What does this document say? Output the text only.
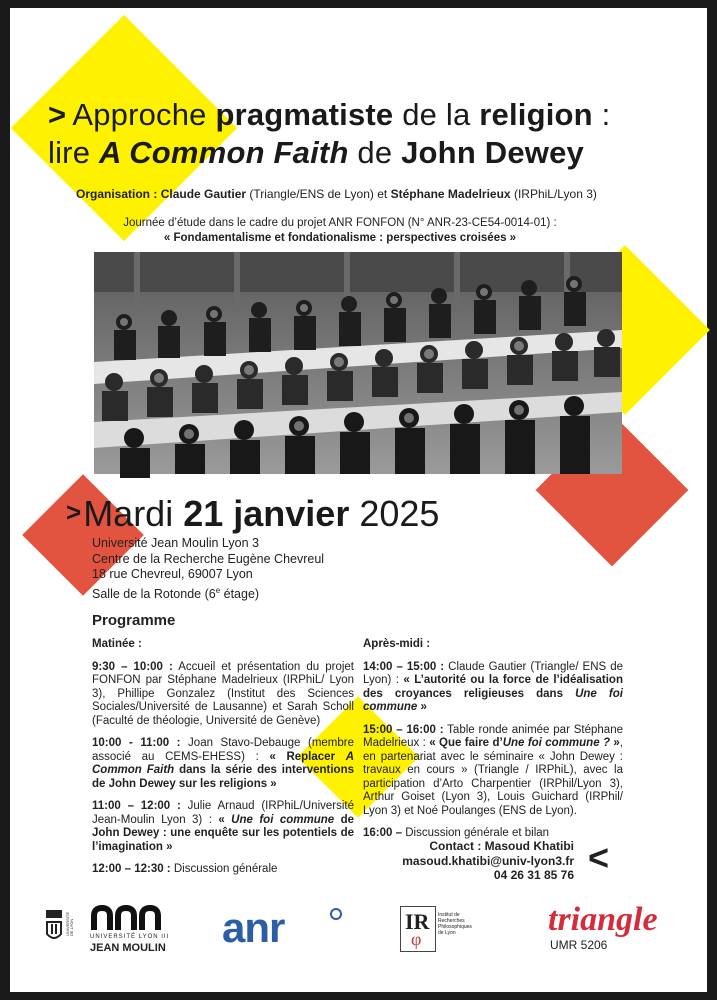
> Approche pragmatiste de la religion :
lire A Common Faith de John Dewey
Organisation : Claude Gautier (Triangle/ENS de Lyon) et Stéphane Madelrieux (IRPhiL/Lyon 3)
Journée d’étude dans le cadre du projet ANR FONFON (N° ANR-23-CE54-0014-01) :
« Fondamentalisme et fondationalisme : perspectives croisées »
>Mardi 21 janvier 2025
Université Jean Moulin Lyon 3
Centre de la Recherche Eugène Chevreul
18 rue Chevreul, 69007 Lyon
Salle de la Rotonde (6e étage)
Programme
Matinée :
9:30 – 10:00 : Accueil et présentation du projet FONFON par Stéphane Madelrieux (IRPhiL/ Lyon 3), Phillipe Gonzalez (Institut des Sciences Sociales/Université de Lausanne) et Sarah Scholl (Faculté de théologie, Université de Genève)
10:00 - 11:00 : Joan Stavo-Debauge (membre associé au CEMS-EHESS) : « Replacer A Common Faith dans la série des interventions de John Dewey sur les religions »
11:00 – 12:00 : Julie Arnaud (IRPhiL/Université Jean-Moulin Lyon 3) : « Une foi commune de John Dewey : une enquête sur les potentiels de l’imagination »
12:00 – 12:30 : Discussion générale
Après-midi :
14:00 – 15:00 : Claude Gautier (Triangle/ ENS de Lyon) : « L’autorité ou la force de l’idéalisation des croyances religieuses dans Une foi commune »
15:00 – 16:00 : Table ronde animée par Stéphane Madelrieux : « Que faire d’Une foi commune ? », en partenariat avec le séminaire « John Dewey : travaux en cours » (Triangle / IRPhiL), avec la participation d’Arto Charpentier (IRPhil/Lyon 3), Arthur Goiset (Lyon 3), Louis Guichard (IRPhil/ Lyon 3) et Noé Poulanges (ENS de Lyon).
16:00 – Discussion générale et bilan
Contact : Masoud Khatibi
masoud.khatibi@univ-lyon3.fr
04 26 31 85 76 <
UNIVERSITÉ DE LYON
UNIVERSITÉ LYON III
JEAN MOULIN anr	IR
φ
Institut de Recherches Philosophiques de Lyon	triangle
UMR 5206
